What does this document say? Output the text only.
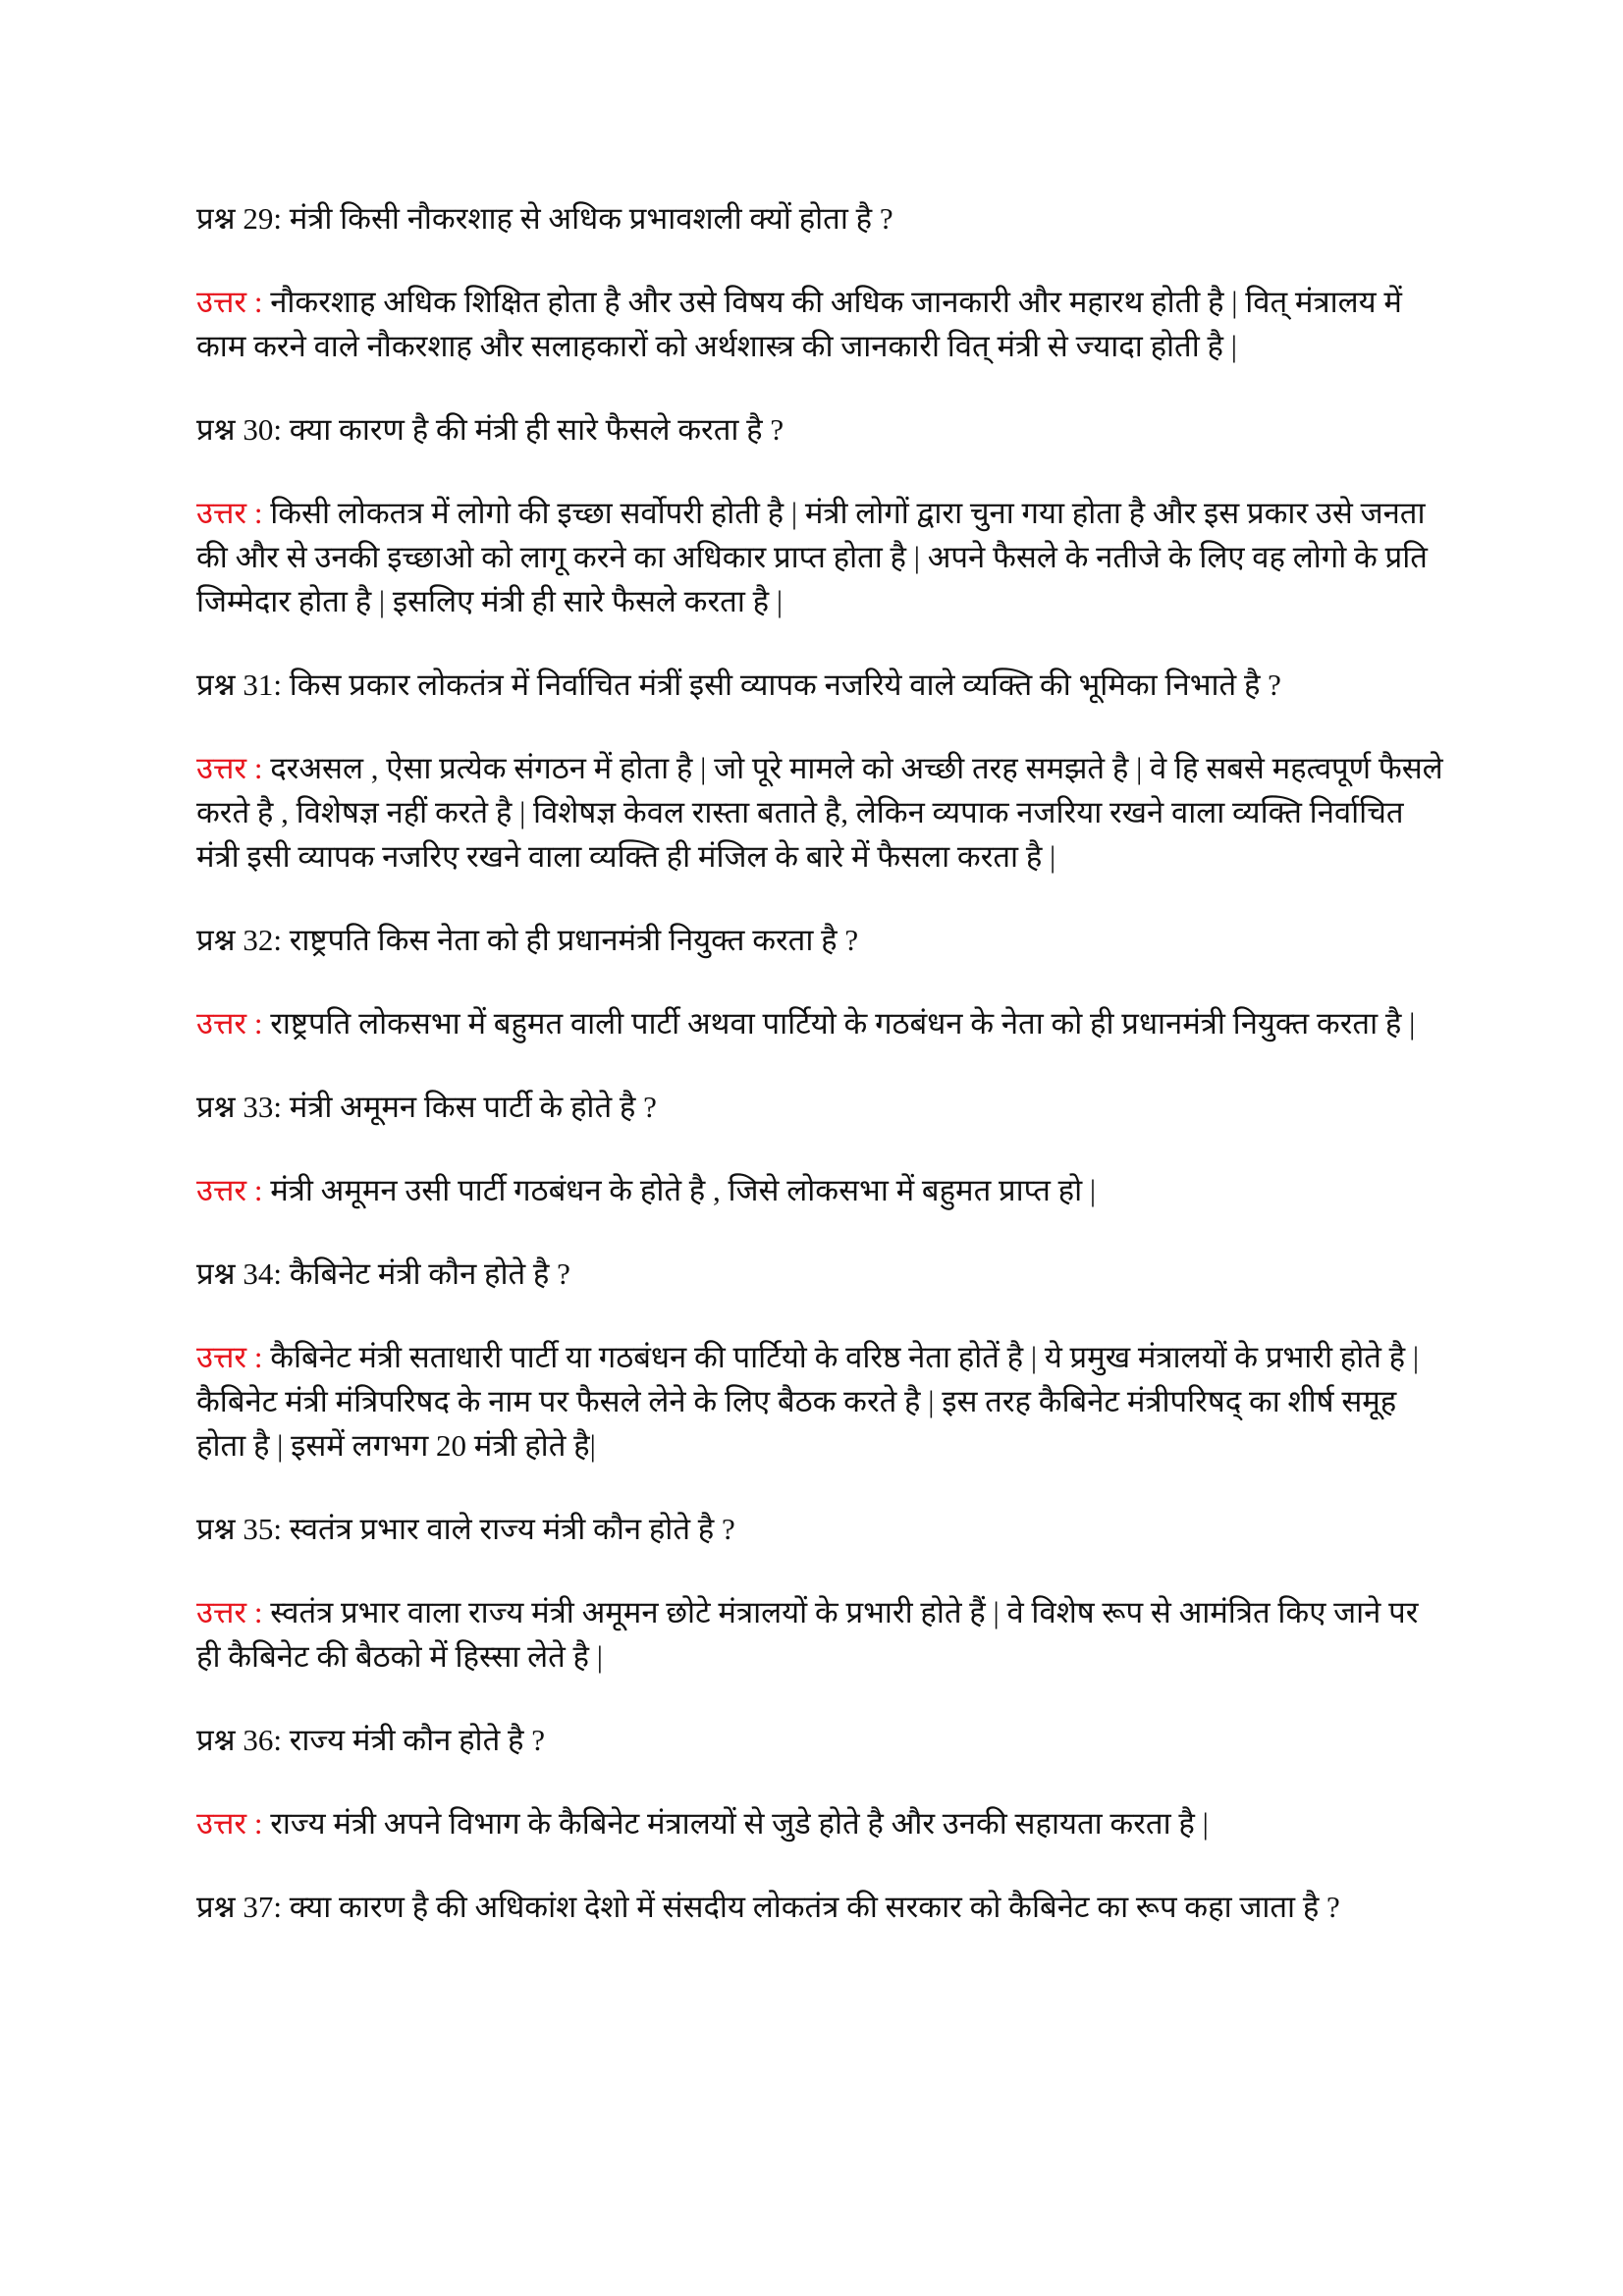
प्रश्न 29: मंत्री किसी नौकरशाह से अधिक प्रभावशली क्यों होता है ?

उत्तर : नौकरशाह अधिक शिक्षित होता है और उसे विषय की अधिक जानकारी और महारथ होती है | वित् मंत्रालय में काम करने वाले नौकरशाह और सलाहकारों को अर्थशास्त्र की जानकारी वित् मंत्री से ज्यादा होती है |

प्रश्न 30: क्या कारण है की मंत्री ही सारे फैसले करता है ?

उत्तर : किसी लोकतत्र में लोगो की इच्छा सर्वोपरी होती है | मंत्री लोगों द्वारा चुना गया होता है और इस प्रकार उसे जनता की और से उनकी इच्छाओ को लागू करने का अधिकार प्राप्त होता है | अपने फैसले के नतीजे के लिए वह लोगो के प्रति जिम्मेदार होता है | इसलिए मंत्री ही सारे फैसले करता है |

प्रश्न 31: किस प्रकार लोकतंत्र में निर्वाचित मंत्रीं इसी व्यापक नजरिये वाले व्यक्ति की भूमिका निभाते है ?

उत्तर : दरअसल , ऐसा प्रत्येक संगठन में होता है | जो पूरे मामले को अच्छी तरह समझते है | वे हि सबसे महत्वपूर्ण फैसले करते है , विशेषज्ञ नहीं करते है | विशेषज्ञ केवल रास्ता बताते है, लेकिन व्यपाक नजरिया रखने वाला व्यक्ति निर्वाचित मंत्री इसी व्यापक नजरिए रखने वाला व्यक्ति ही मंजिल के बारे में फैसला करता है |

प्रश्न 32: राष्ट्रपति किस नेता को ही प्रधानमंत्री नियुक्त करता है ?

उत्तर : राष्ट्रपति लोकसभा में बहुमत वाली पार्टी अथवा पार्टियो के गठबंधन के नेता को ही प्रधानमंत्री नियुक्त करता है |

प्रश्न 33: मंत्री अमूमन किस पार्टी के होते है ?

उत्तर : मंत्री अमूमन उसी पार्टी गठबंधन के होते है , जिसे लोकसभा में बहुमत प्राप्त हो |

प्रश्न 34: कैबिनेट मंत्री कौन होते है ?

उत्तर : कैबिनेट मंत्री सताधारी पार्टी या गठबंधन की पार्टियो के वरिष्ठ नेता होतें है | ये प्रमुख मंत्रालयों के प्रभारी होते है | कैबिनेट मंत्री मंत्रिपरिषद के नाम पर फैसले लेने के लिए बैठक करते है | इस तरह कैबिनेट मंत्रीपरिषद् का शीर्ष समूह होता है | इसमें लगभग 20 मंत्री होते है|

प्रश्न 35: स्वतंत्र प्रभार वाले राज्य मंत्री कौन होते है ?

उत्तर : स्वतंत्र प्रभार वाला राज्य मंत्री अमूमन छोटे मंत्रालयों के प्रभारी होते हैं | वे विशेष रूप से आमंत्रित किए जाने पर ही कैबिनेट की बैठको में हिस्सा लेते है |

प्रश्न 36: राज्य मंत्री कौन होते है ?

उत्तर : राज्य मंत्री अपने विभाग के कैबिनेट मंत्रालयों से जुडे होते है और उनकी सहायता करता है |

प्रश्न 37: क्या कारण है की अधिकांश देशो में संसदीय लोकतंत्र की सरकार को कैबिनेट का रूप कहा जाता है ?
